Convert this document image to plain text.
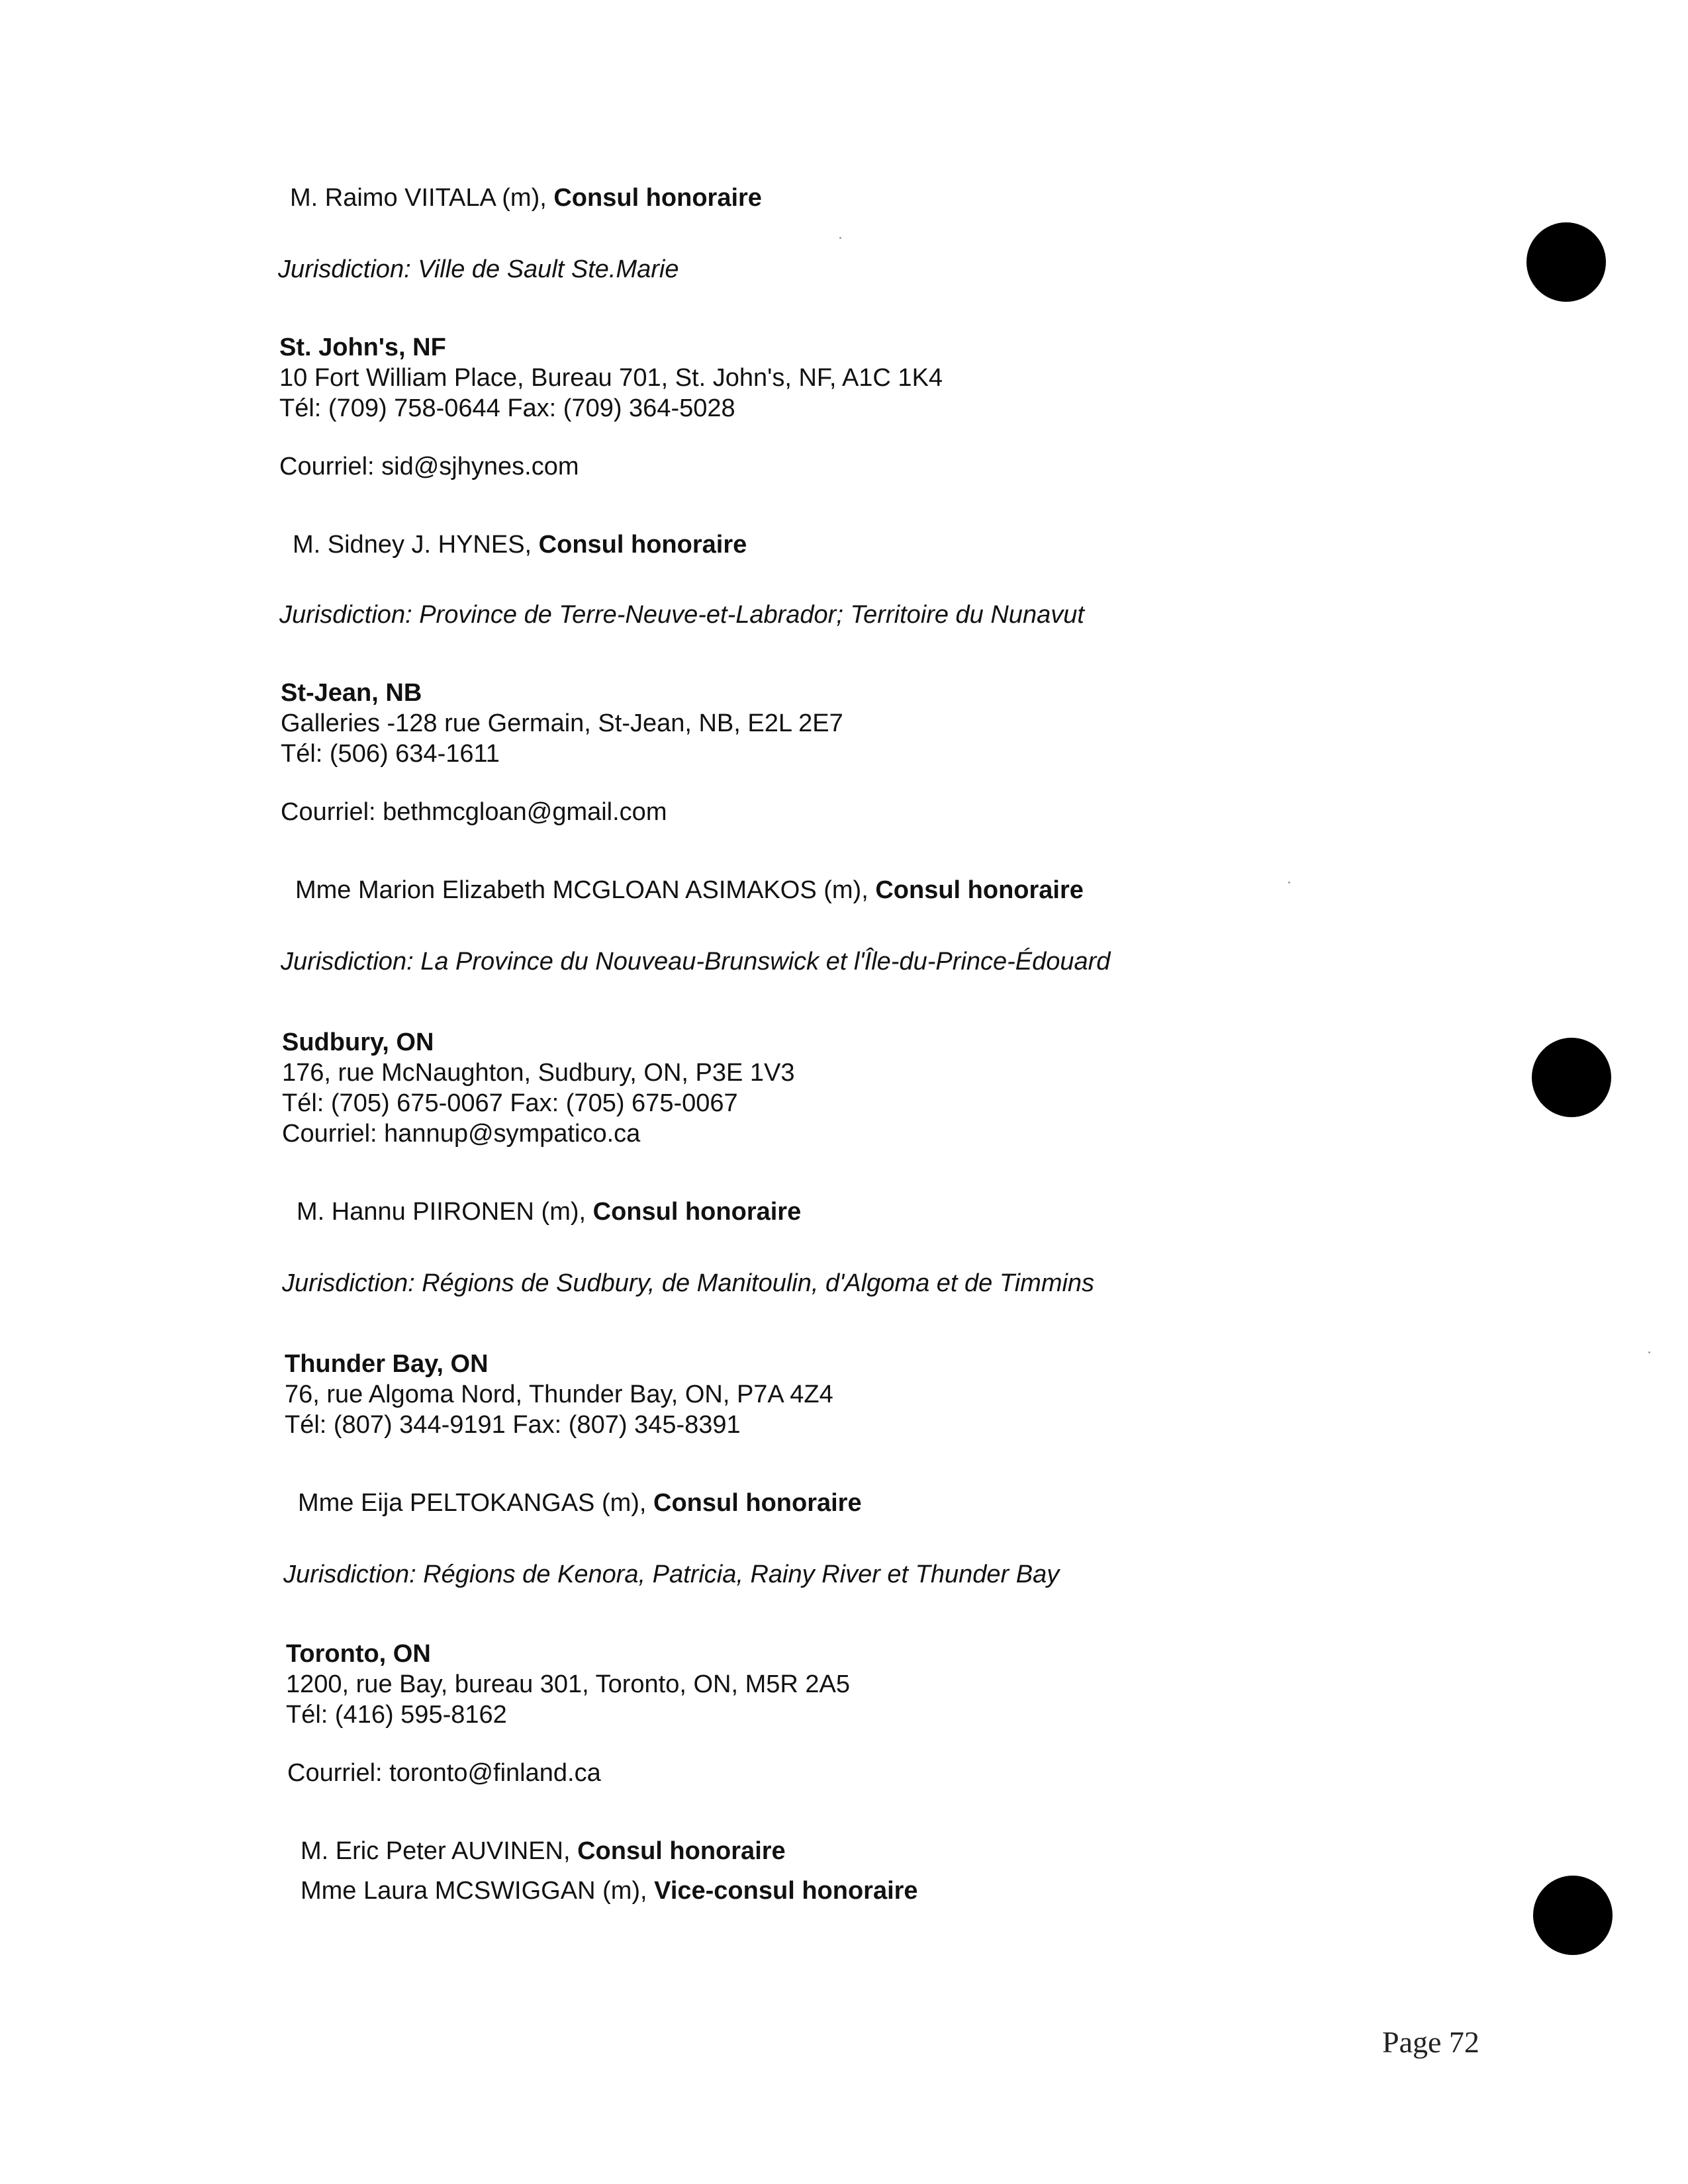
M. Raimo VIITALA (m), Consul honoraire
Jurisdiction: Ville de Sault Ste.Marie
St. John's, NF
10 Fort William Place, Bureau 701, St. John's, NF, A1C 1K4
Tél: (709) 758-0644 Fax: (709) 364-5028
Courriel: sid@sjhynes.com
M. Sidney J. HYNES, Consul honoraire
Jurisdiction: Province de Terre-Neuve-et-Labrador; Territoire du Nunavut
St-Jean, NB
Galleries -128 rue Germain, St-Jean, NB, E2L 2E7
Tél: (506) 634-1611
Courriel: bethmcgloan@gmail.com
Mme Marion Elizabeth MCGLOAN ASIMAKOS (m), Consul honoraire
Jurisdiction: La Province du Nouveau-Brunswick et l'Île-du-Prince-Édouard
Sudbury, ON
176, rue McNaughton, Sudbury, ON, P3E 1V3
Tél: (705) 675-0067 Fax: (705) 675-0067
Courriel: hannup@sympatico.ca
M. Hannu PIIRONEN (m), Consul honoraire
Jurisdiction: Régions de Sudbury, de Manitoulin, d'Algoma et de Timmins
Thunder Bay, ON
76, rue Algoma Nord, Thunder Bay, ON, P7A 4Z4
Tél: (807) 344-9191 Fax: (807) 345-8391
Mme Eija PELTOKANGAS (m), Consul honoraire
Jurisdiction: Régions de Kenora, Patricia, Rainy River et Thunder Bay
Toronto, ON
1200, rue Bay, bureau 301, Toronto, ON, M5R 2A5
Tél: (416) 595-8162
Courriel: toronto@finland.ca
M. Eric Peter AUVINEN, Consul honoraire
Mme Laura MCSWIGGAN (m), Vice-consul honoraire
Page 72
